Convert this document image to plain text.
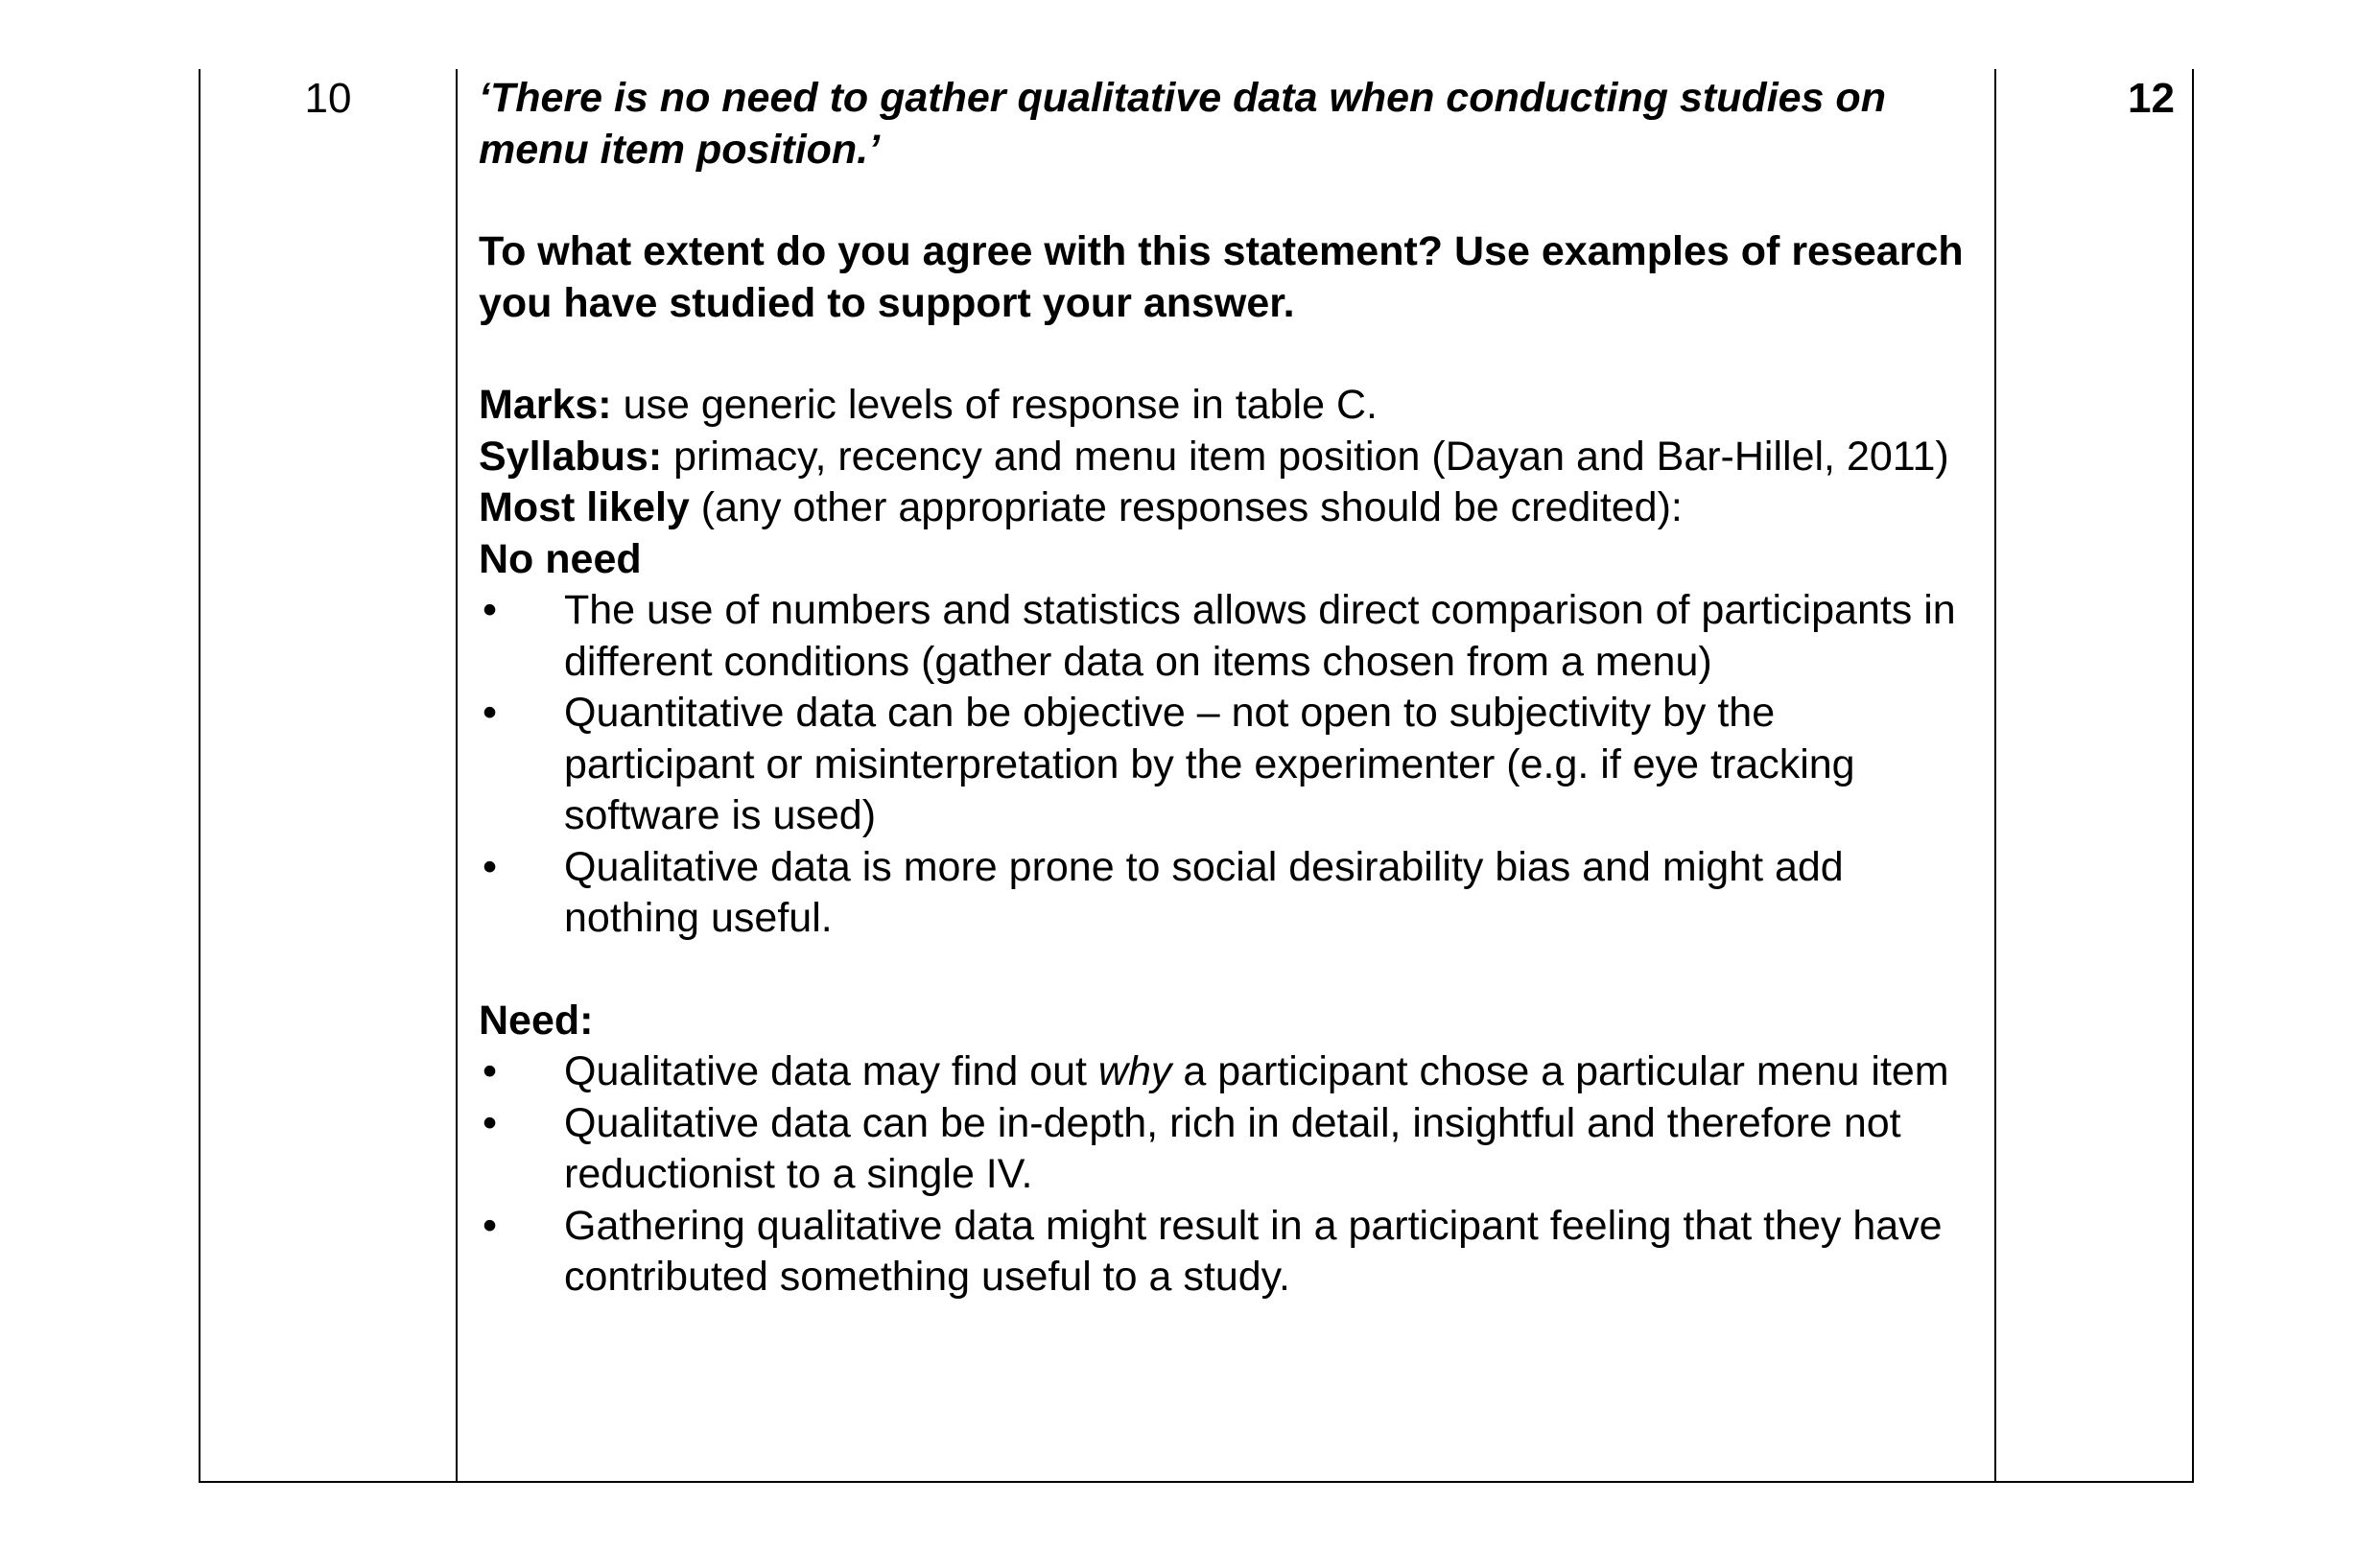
10	‘There is no need to gather qualitative data when conducting studies on menu item position.’

To what extent do you agree with this statement? Use examples of research you have studied to support your answer.

Marks: use generic levels of response in table C.

Syllabus: primacy, recency and menu item position (Dayan and Bar-Hillel, 2011)

Most likely (any other appropriate responses should be credited):

No need

• The use of numbers and statistics allows direct comparison of participants in different conditions (gather data on items chosen from a menu)
• Quantitative data can be objective – not open to subjectivity by the participant or misinterpretation by the experimenter (e.g. if eye tracking software is used)
• Qualitative data is more prone to social desirability bias and might add nothing useful.

Need:

• Qualitative data may find out why a participant chose a particular menu item
• Qualitative data can be in-depth, rich in detail, insightful and therefore not reductionist to a single IV.
• Gathering qualitative data might result in a participant feeling that they have contributed something useful to a study.
12
